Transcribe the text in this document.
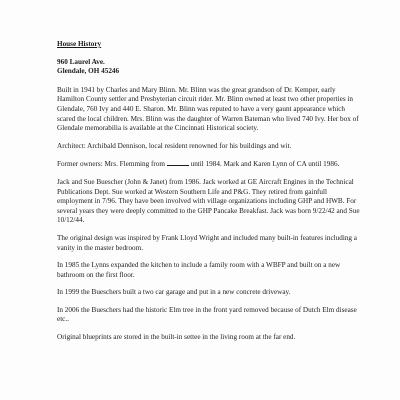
House History
960 Laurel Ave.
Glendale, OH 45246

Built in 1941 by Charles and Mary Blinn. Mr. Blinn was the great grandson of Dr. Kemper, early Hamilton County settler and Presbyterian circuit rider. Mr. Blinn owned at least two other properties in Glendale, 760 Ivy and 440 E. Sharon. Mr. Blinn was reputed to have a very gaunt appearance which scared the local children. Mrs. Blinn was the daughter of Warren Bateman who lived 740 Ivy. Her box of Glendale memorabilia is available at the Cincinnati Historical society.

Architect: Archibald Dennison, local resident renowned for his buildings and wit.

Former owners: Mrs. Flemming from	until 1984. Mark and Karen Lynn of CA until 1986.

Jack and Sue Buescher (John & Janet) from 1986. Jack worked at GE Aircraft Engines in the Technical Publications Dept. Sue worked at Western Southern Life and P&G. They retired from gainfull employment in 7/96. They have been involved with village organizations including GHP and HWB. For several years they were deeply committed to the GHP Pancake Breakfast. Jack was born 9/22/42 and Sue 10/12/44.

The original design was inspired by Frank Lloyd Wright and included many built-in features including a vanity in the master bedroom.

In 1985 the Lynns expanded the kitchen to include a family room with a WBFP and built on a new bathroom on the first floor.

In 1999 the Bueschers built a two car garage and put in a new concrete driveway.

In 2006 the Bueschers had the historic Elm tree in the front yard removed because of Dutch Elm disease etc..

Original blueprints are stored in the built-in settee in the living room at the far end.
